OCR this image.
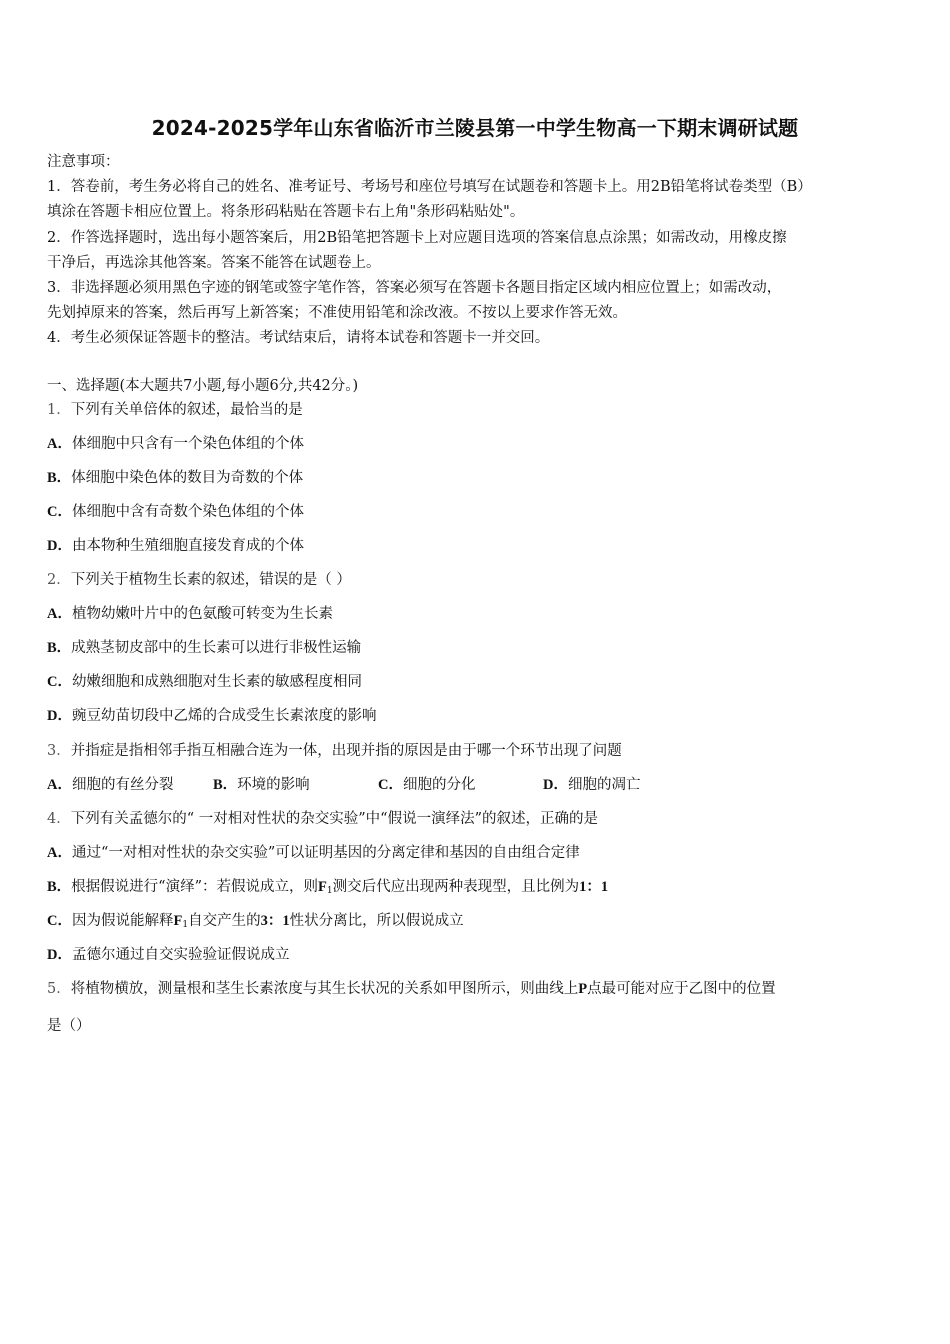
2024-2025学年山东省临沂市兰陵县第一中学生物高一下期末调研试题
注意事项：
1．答卷前，考生务必将自己的姓名、准考证号、考场号和座位号填写在试题卷和答题卡上。用2B铅笔将试卷类型（B）
填涂在答题卡相应位置上。将条形码粘贴在答题卡右上角"条形码粘贴处"。
2．作答选择题时，选出每小题答案后，用2B铅笔把答题卡上对应题目选项的答案信息点涂黑；如需改动，用橡皮擦
干净后，再选涂其他答案。答案不能答在试题卷上。
3．非选择题必须用黑色字迹的钢笔或签字笔作答，答案必须写在答题卡各题目指定区域内相应位置上；如需改动，
先划掉原来的答案，然后再写上新答案；不准使用铅笔和涂改液。不按以上要求作答无效。
4．考生必须保证答题卡的整洁。考试结束后，请将本试卷和答题卡一并交回。
一、选择题(本大题共7小题,每小题6分,共42分。)
1．下列有关单倍体的叙述，最恰当的是
A．体细胞中只含有一个染色体组的个体
B．体细胞中染色体的数目为奇数的个体
C．体细胞中含有奇数个染色体组的个体
D．由本物种生殖细胞直接发育成的个体
2．下列关于植物生长素的叙述，错误的是（ ）
A．植物幼嫩叶片中的色氨酸可转变为生长素
B．成熟茎韧皮部中的生长素可以进行非极性运输
C．幼嫩细胞和成熟细胞对生长素的敏感程度相同
D．豌豆幼苗切段中乙烯的合成受生长素浓度的影响
3．并指症是指相邻手指互相融合连为一体，出现并指的原因是由于哪一个环节出现了问题
A．细胞的有丝分裂	B．环境的影响	C．细胞的分化	D．细胞的凋亡
4．下列有关孟德尔的“ 一对相对性状的杂交实验”中“假说一演绎法”的叙述，正确的是
A．通过“一对相对性状的杂交实验”可以证明基因的分离定律和基因的自由组合定律
B．根据假说进行“演绎”：若假说成立，则$F_1$测交后代应出现两种表现型，且比例为1：1
C．因为假说能解释$F_1$自交产生的3：1性状分离比，所以假说成立
D．孟德尔通过自交实验验证假说成立
5．将植物横放，测量根和茎生长素浓度与其生长状况的关系如甲图所示，则曲线上P点最可能对应于乙图中的位置
是（）
